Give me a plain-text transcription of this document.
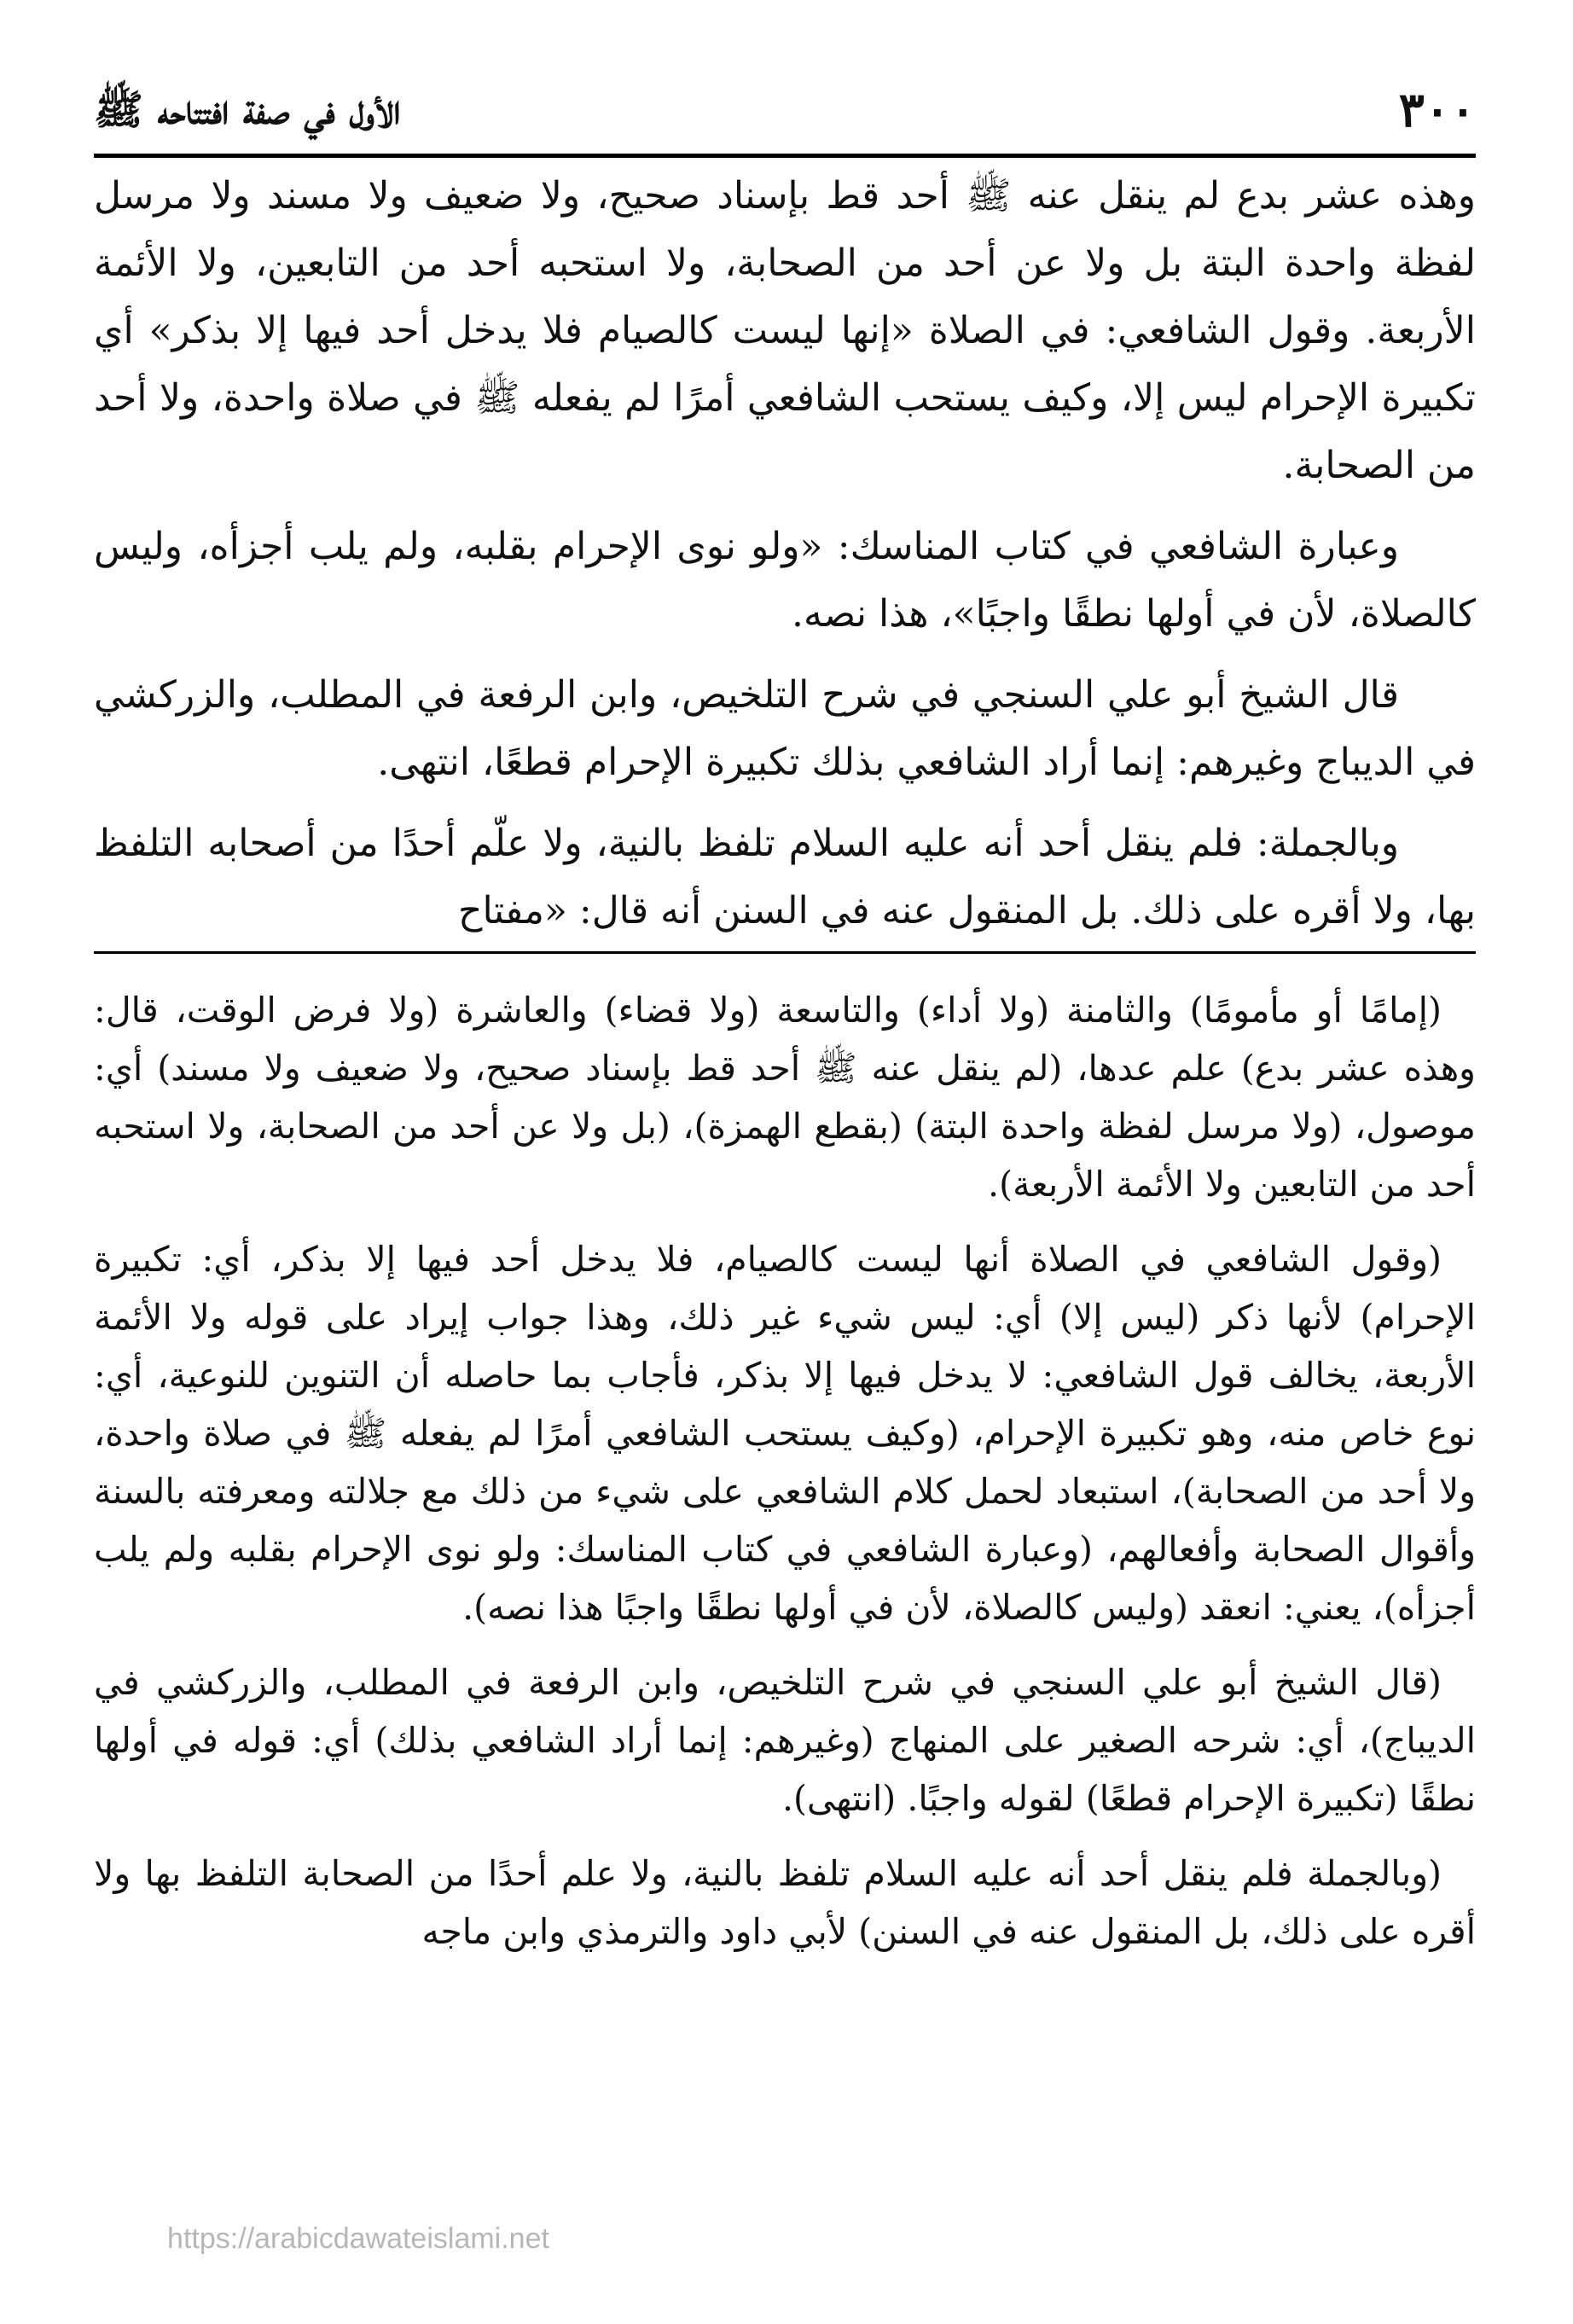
٣٠٠
الأول في صفة افتتاحه ﷺ

وهذه عشر بدع لم ينقل عنه ﷺ أحد قط بإسناد صحيح، ولا ضعيف ولا مسند ولا مرسل لفظة واحدة البتة بل ولا عن أحد من الصحابة، ولا استحبه أحد من التابعين، ولا الأئمة الأربعة. وقول الشافعي: في الصلاة «إنها ليست كالصيام فلا يدخل أحد فيها إلا بذكر» أي تكبيرة الإحرام ليس إلا، وكيف يستحب الشافعي أمرًا لم يفعله ﷺ في صلاة واحدة، ولا أحد من الصحابة.

وعبارة الشافعي في كتاب المناسك: «ولو نوى الإحرام بقلبه، ولم يلب أجزأه، وليس كالصلاة، لأن في أولها نطقًا واجبًا»، هذا نصه.

قال الشيخ أبو علي السنجي في شرح التلخيص، وابن الرفعة في المطلب، والزركشي في الديباج وغيرهم: إنما أراد الشافعي بذلك تكبيرة الإحرام قطعًا، انتهى.

وبالجملة: فلم ينقل أحد أنه عليه السلام تلفظ بالنية، ولا علّم أحدًا من أصحابه التلفظ بها، ولا أقره على ذلك. بل المنقول عنه في السنن أنه قال: «مفتاح

(إمامًا أو مأمومًا) والثامنة (ولا أداء) والتاسعة (ولا قضاء) والعاشرة (ولا فرض الوقت، قال: وهذه عشر بدع) علم عدها، (لم ينقل عنه ﷺ أحد قط بإسناد صحيح، ولا ضعيف ولا مسند) أي: موصول، (ولا مرسل لفظة واحدة البتة) (بقطع الهمزة)، (بل ولا عن أحد من الصحابة، ولا استحبه أحد من التابعين ولا الأئمة الأربعة).

(وقول الشافعي في الصلاة أنها ليست كالصيام، فلا يدخل أحد فيها إلا بذكر، أي: تكبيرة الإحرام) لأنها ذكر (ليس إلا) أي: ليس شيء غير ذلك، وهذا جواب إيراد على قوله ولا الأئمة الأربعة، يخالف قول الشافعي: لا يدخل فيها إلا بذكر، فأجاب بما حاصله أن التنوين للنوعية، أي: نوع خاص منه، وهو تكبيرة الإحرام، (وكيف يستحب الشافعي أمرًا لم يفعله ﷺ في صلاة واحدة، ولا أحد من الصحابة)، استبعاد لحمل كلام الشافعي على شيء من ذلك مع جلالته ومعرفته بالسنة وأقوال الصحابة وأفعالهم، (وعبارة الشافعي في كتاب المناسك: ولو نوى الإحرام بقلبه ولم يلب أجزأه)، يعني: انعقد (وليس كالصلاة، لأن في أولها نطقًا واجبًا هذا نصه).

(قال الشيخ أبو علي السنجي في شرح التلخيص، وابن الرفعة في المطلب، والزركشي في الديباج)، أي: شرحه الصغير على المنهاج (وغيرهم: إنما أراد الشافعي بذلك) أي: قوله في أولها نطقًا (تكبيرة الإحرام قطعًا) لقوله واجبًا. (انتهى).

(وبالجملة فلم ينقل أحد أنه عليه السلام تلفظ بالنية، ولا علم أحدًا من الصحابة التلفظ بها ولا أقره على ذلك، بل المنقول عنه في السنن) لأبي داود والترمذي وابن ماجه

https://arabicdawateislami.net
